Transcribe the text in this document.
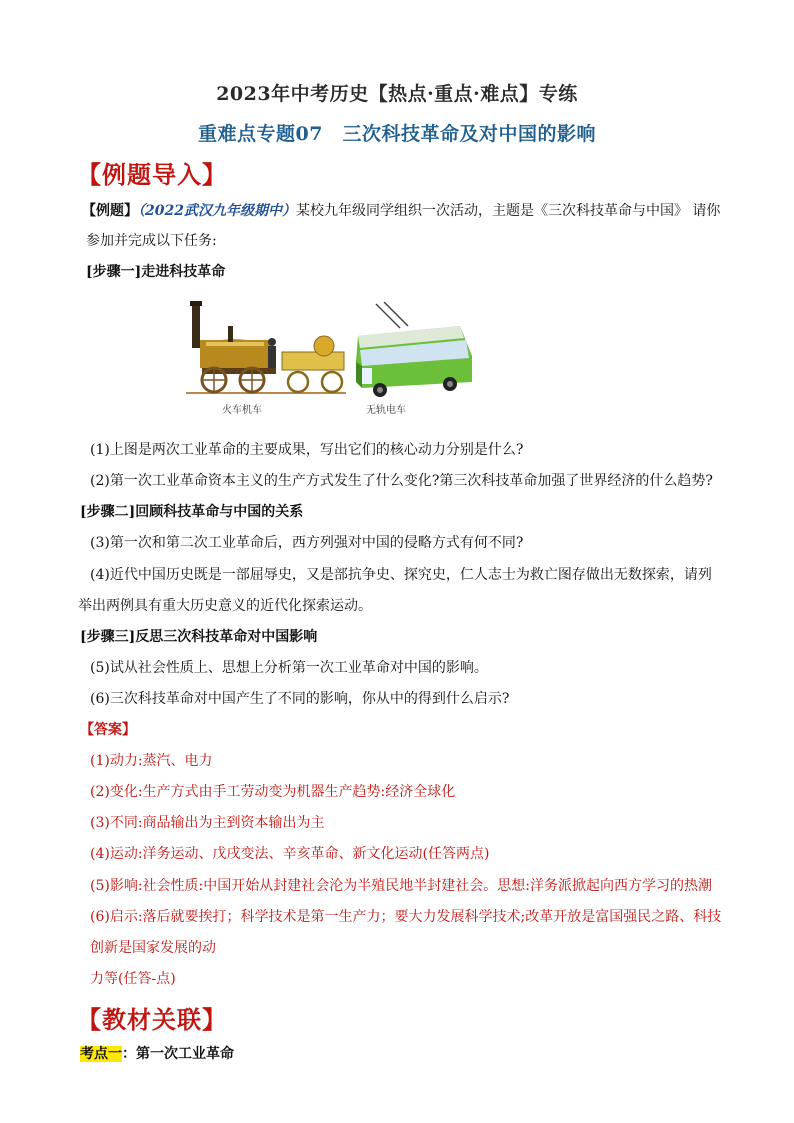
2023年中考历史【热点·重点·难点】专练
重难点专题07　三次科技革命及对中国的影响
【例题导入】
【例题】（2022武汉九年级期中）某校九年级同学组织一次活动，主题是《三次科技革命与中国》 请你
参加并完成以下任务:
[步骤一]走进科技革命
火车机车	无轨电车
(1)上图是两次工业革命的主要成果，写出它们的核心动力分别是什么?
(2)第一次工业革命资本主义的生产方式发生了什么变化?第三次科技革命加强了世界经济的什么趋势?
[步骤二]回顾科技革命与中国的关系
(3)第一次和第二次工业革命后，西方列强对中国的侵略方式有何不同?
(4)近代中国历史既是一部屈辱史，又是部抗争史、探究史，仁人志士为救亡图存做出无数探索，请列
举出两例具有重大历史意义的近代化探索运动。
[步骤三]反思三次科技革命对中国影响
(5)试从社会性质上、思想上分析第一次工业革命对中国的影响。
(6)三次科技革命对中国产生了不同的影响，你从中的得到什么启示?
【答案】
(1)动力:蒸汽、电力
(2)变化:生产方式由手工劳动变为机器生产趋势:经济全球化
(3)不同:商品输出为主到资本输出为主
(4)运动:洋务运动、戊戌变法、辛亥革命、新文化运动(任答两点)
(5)影响:社会性质:中国开始从封建社会沦为半殖民地半封建社会。思想:洋务派掀起向西方学习的热潮
(6)启示:落后就要挨打；科学技术是第一生产力；要大力发展科学技术;改革开放是富国强民之路、科技
创新是国家发展的动
力等(任答-点)
【教材关联】
考点一：第一次工业革命
